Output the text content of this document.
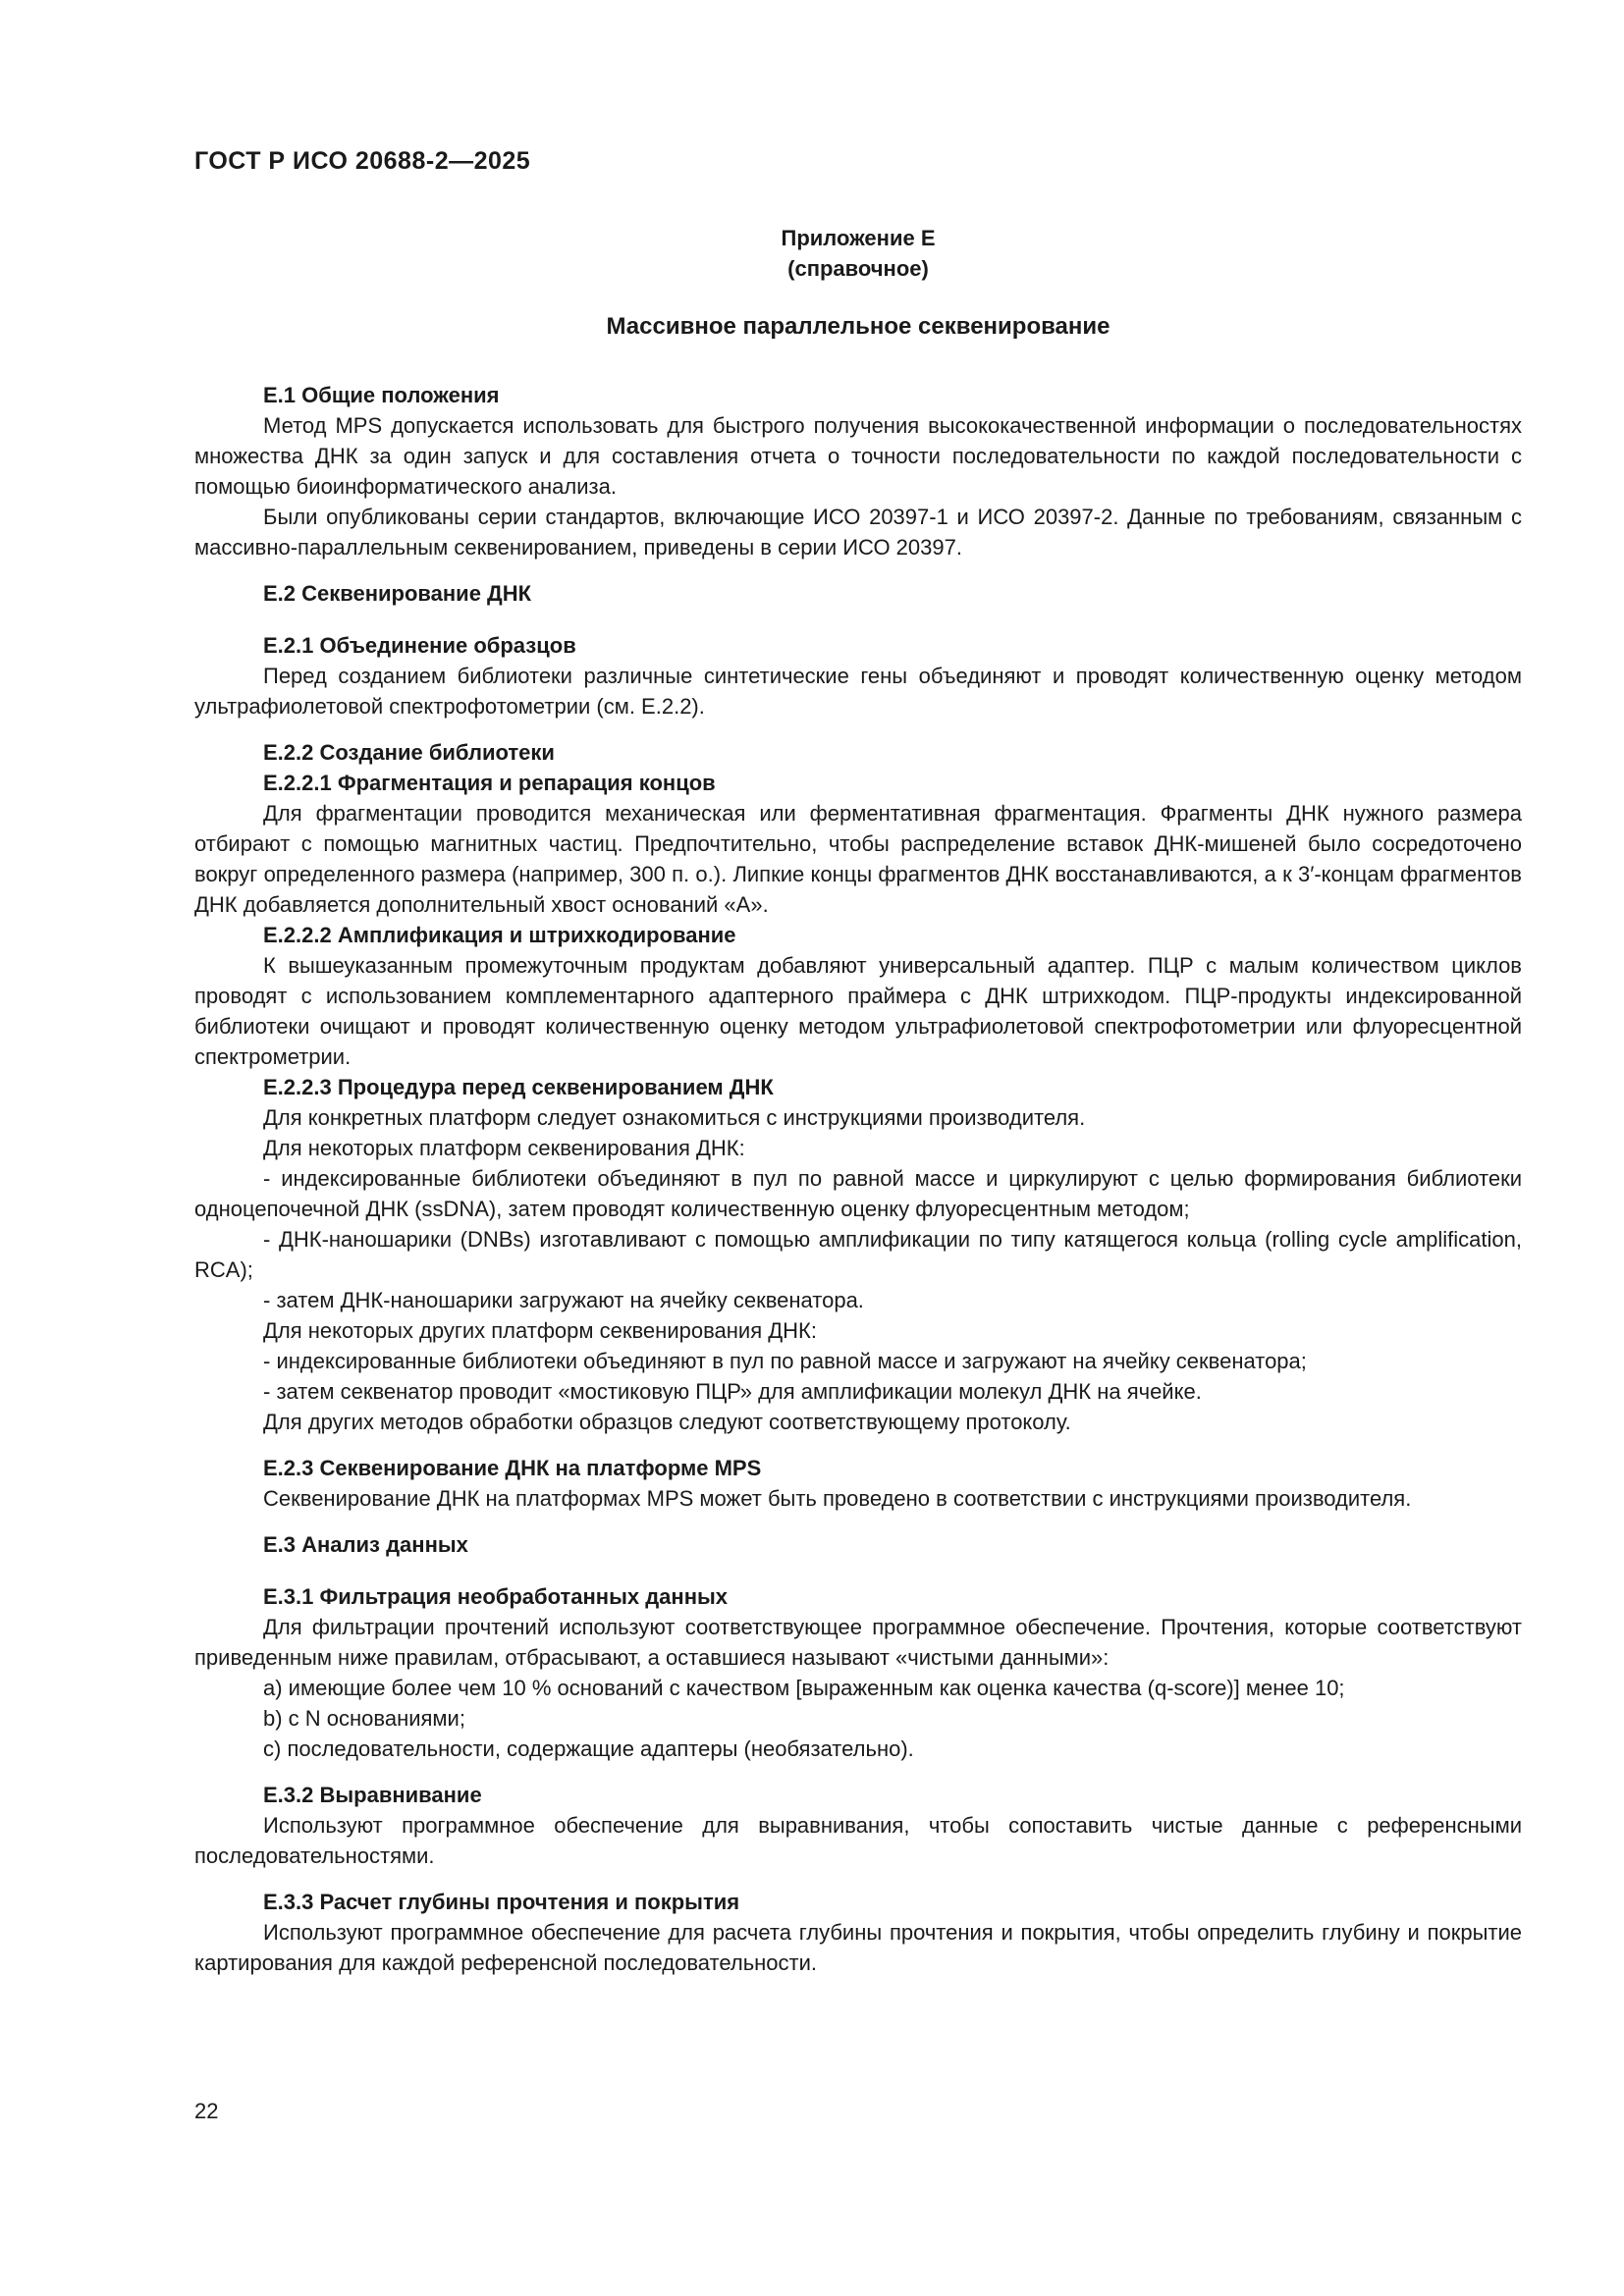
ГОСТ Р ИСО 20688-2—2025

Приложение Е

(справочное)

Массивное параллельное секвенирование

Е.1 Общие положения

Метод MPS допускается использовать для быстрого получения высококачественной информации о последовательностях множества ДНК за один запуск и для составления отчета о точности последовательности по каждой последовательности с помощью биоинформатического анализа.

Были опубликованы серии стандартов, включающие ИСО 20397-1 и ИСО 20397-2. Данные по требованиям, связанным с массивно-параллельным секвенированием, приведены в серии ИСО 20397.

Е.2 Секвенирование ДНК

Е.2.1 Объединение образцов

Перед созданием библиотеки различные синтетические гены объединяют и проводят количественную оценку методом ультрафиолетовой спектрофотометрии (см. Е.2.2).

Е.2.2 Создание библиотеки

Е.2.2.1 Фрагментация и репарация концов

Для фрагментации проводится механическая или ферментативная фрагментация. Фрагменты ДНК нужного размера отбирают с помощью магнитных частиц. Предпочтительно, чтобы распределение вставок ДНК-мишеней было сосредоточено вокруг определенного размера (например, 300 п. о.). Липкие концы фрагментов ДНК восстанавливаются, а к 3′-концам фрагментов ДНК добавляется дополнительный хвост оснований «А».

Е.2.2.2 Амплификация и штрихкодирование

К вышеуказанным промежуточным продуктам добавляют универсальный адаптер. ПЦР с малым количеством циклов проводят с использованием комплементарного адаптерного праймера с ДНК штрихкодом. ПЦР-продукты индексированной библиотеки очищают и проводят количественную оценку методом ультрафиолетовой спектрофотометрии или флуоресцентной спектрометрии.

Е.2.2.3 Процедура перед секвенированием ДНК

Для конкретных платформ следует ознакомиться с инструкциями производителя.

Для некоторых платформ секвенирования ДНК:

- индексированные библиотеки объединяют в пул по равной массе и циркулируют с целью формирования библиотеки одноцепочечной ДНК (ssDNA), затем проводят количественную оценку флуоресцентным методом;

- ДНК-наношарики (DNBs) изготавливают с помощью амплификации по типу катящегося кольца (rolling cycle amplification, RCA);

- затем ДНК-наношарики загружают на ячейку секвенатора.

Для некоторых других платформ секвенирования ДНК:

- индексированные библиотеки объединяют в пул по равной массе и загружают на ячейку секвенатора;

- затем секвенатор проводит «мостиковую ПЦР» для амплификации молекул ДНК на ячейке.

Для других методов обработки образцов следуют соответствующему протоколу.

Е.2.3 Секвенирование ДНК на платформе MPS

Секвенирование ДНК на платформах MPS может быть проведено в соответствии с инструкциями производителя.

Е.3 Анализ данных

Е.3.1 Фильтрация необработанных данных

Для фильтрации прочтений используют соответствующее программное обеспечение. Прочтения, которые соответствуют приведенным ниже правилам, отбрасывают, а оставшиеся называют «чистыми данными»:

a) имеющие более чем 10 % оснований с качеством [выраженным как оценка качества (q-score)] менее 10;

b) с N основаниями;

c) последовательности, содержащие адаптеры (необязательно).

Е.3.2 Выравнивание

Используют программное обеспечение для выравнивания, чтобы сопоставить чистые данные с референсными последовательностями.

Е.3.3 Расчет глубины прочтения и покрытия

Используют программное обеспечение для расчета глубины прочтения и покрытия, чтобы определить глубину и покрытие картирования для каждой референсной последовательности.

22
